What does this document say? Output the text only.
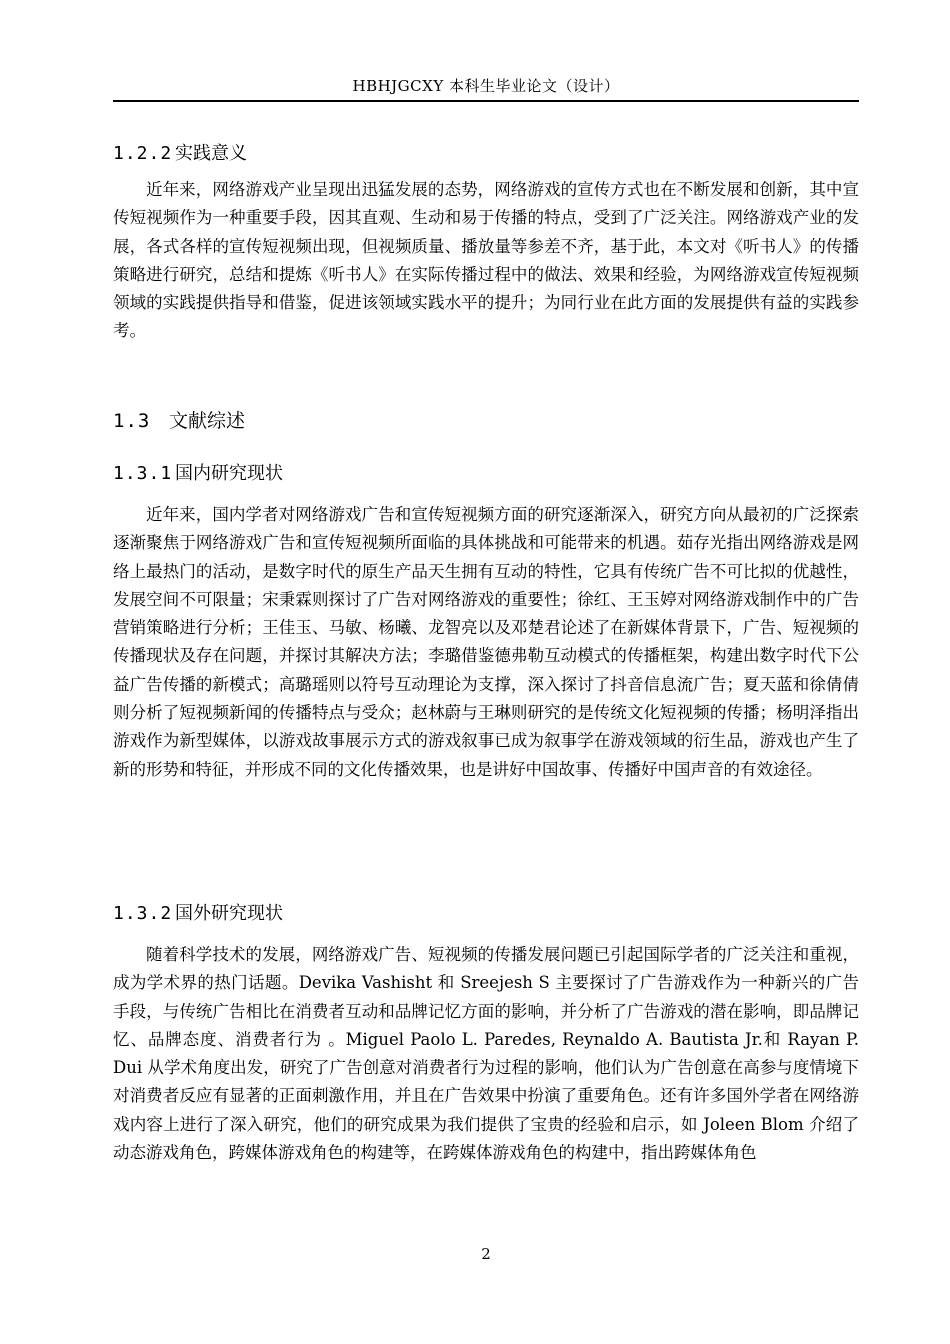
HBHJGCXY 本科生毕业论文（设计）
1.2.2 实践意义

近年来，网络游戏产业呈现出迅猛发展的态势，网络游戏的宣传方式也在不断发展和创新，其中宣传短视频作为一种重要手段，因其直观、生动和易于传播的特点，受到了广泛关注。网络游戏产业的发展，各式各样的宣传短视频出现，但视频质量、播放量等参差不齐，基于此，本文对《听书人》的传播策略进行研究，总结和提炼《听书人》在实际传播过程中的做法、效果和经验，为网络游戏宣传短视频领域的实践提供指导和借鉴，促进该领域实践水平的提升；为同行业在此方面的发展提供有益的实践参考。

1.3 文献综述
1.3.1 国内研究现状

近年来，国内学者对网络游戏广告和宣传短视频方面的研究逐渐深入，研究方向从最初的广泛探索逐渐聚焦于网络游戏广告和宣传短视频所面临的具体挑战和可能带来的机遇。茹存光指出网络游戏是网络上最热门的活动，是数字时代的原生产品天生拥有互动的特性，它具有传统广告不可比拟的优越性，发展空间不可限量；宋秉霖则探讨了广告对网络游戏的重要性；徐红、王玉婷对网络游戏制作中的广告营销策略进行分析；王佳玉、马敏、杨曦、龙智亮以及邓楚君论述了在新媒体背景下，广告、短视频的传播现状及存在问题，并探讨其解决方法；李璐借鉴德弗勒互动模式的传播框架，构建出数字时代下公益广告传播的新模式；高璐瑶则以符号互动理论为支撑，深入探讨了抖音信息流广告；夏天蓝和徐倩倩则分析了短视频新闻的传播特点与受众；赵林蔚与王琳则研究的是传统文化短视频的传播；杨明泽指出游戏作为新型媒体，以游戏故事展示方式的游戏叙事已成为叙事学在游戏领域的衍生品，游戏也产生了新的形势和特征，并形成不同的文化传播效果，也是讲好中国故事、传播好中国声音的有效途径。

1.3.2 国外研究现状

随着科学技术的发展，网络游戏广告、短视频的传播发展问题已引起国际学者的广泛关注和重视，成为学术界的热门话题。Devika Vashisht 和 Sreejesh S 主要探讨了广告游戏作为一种新兴的广告手段，与传统广告相比在消费者互动和品牌记忆方面的影响，并分析了广告游戏的潜在影响，即品牌记忆、品牌态度、消费者行为 。Miguel Paolo L. Paredes, Reynaldo A. Bautista Jr.和 Rayan P. Dui 从学术角度出发，研究了广告创意对消费者行为过程的影响，他们认为广告创意在高参与度情境下对消费者反应有显著的正面刺激作用，并且在广告效果中扮演了重要角色。还有许多国外学者在网络游戏内容上进行了深入研究，他们的研究成果为我们提供了宝贵的经验和启示，如 Joleen Blom 介绍了动态游戏角色，跨媒体游戏角色的构建等，在跨媒体游戏角色的构建中，指出跨媒体角色

2
